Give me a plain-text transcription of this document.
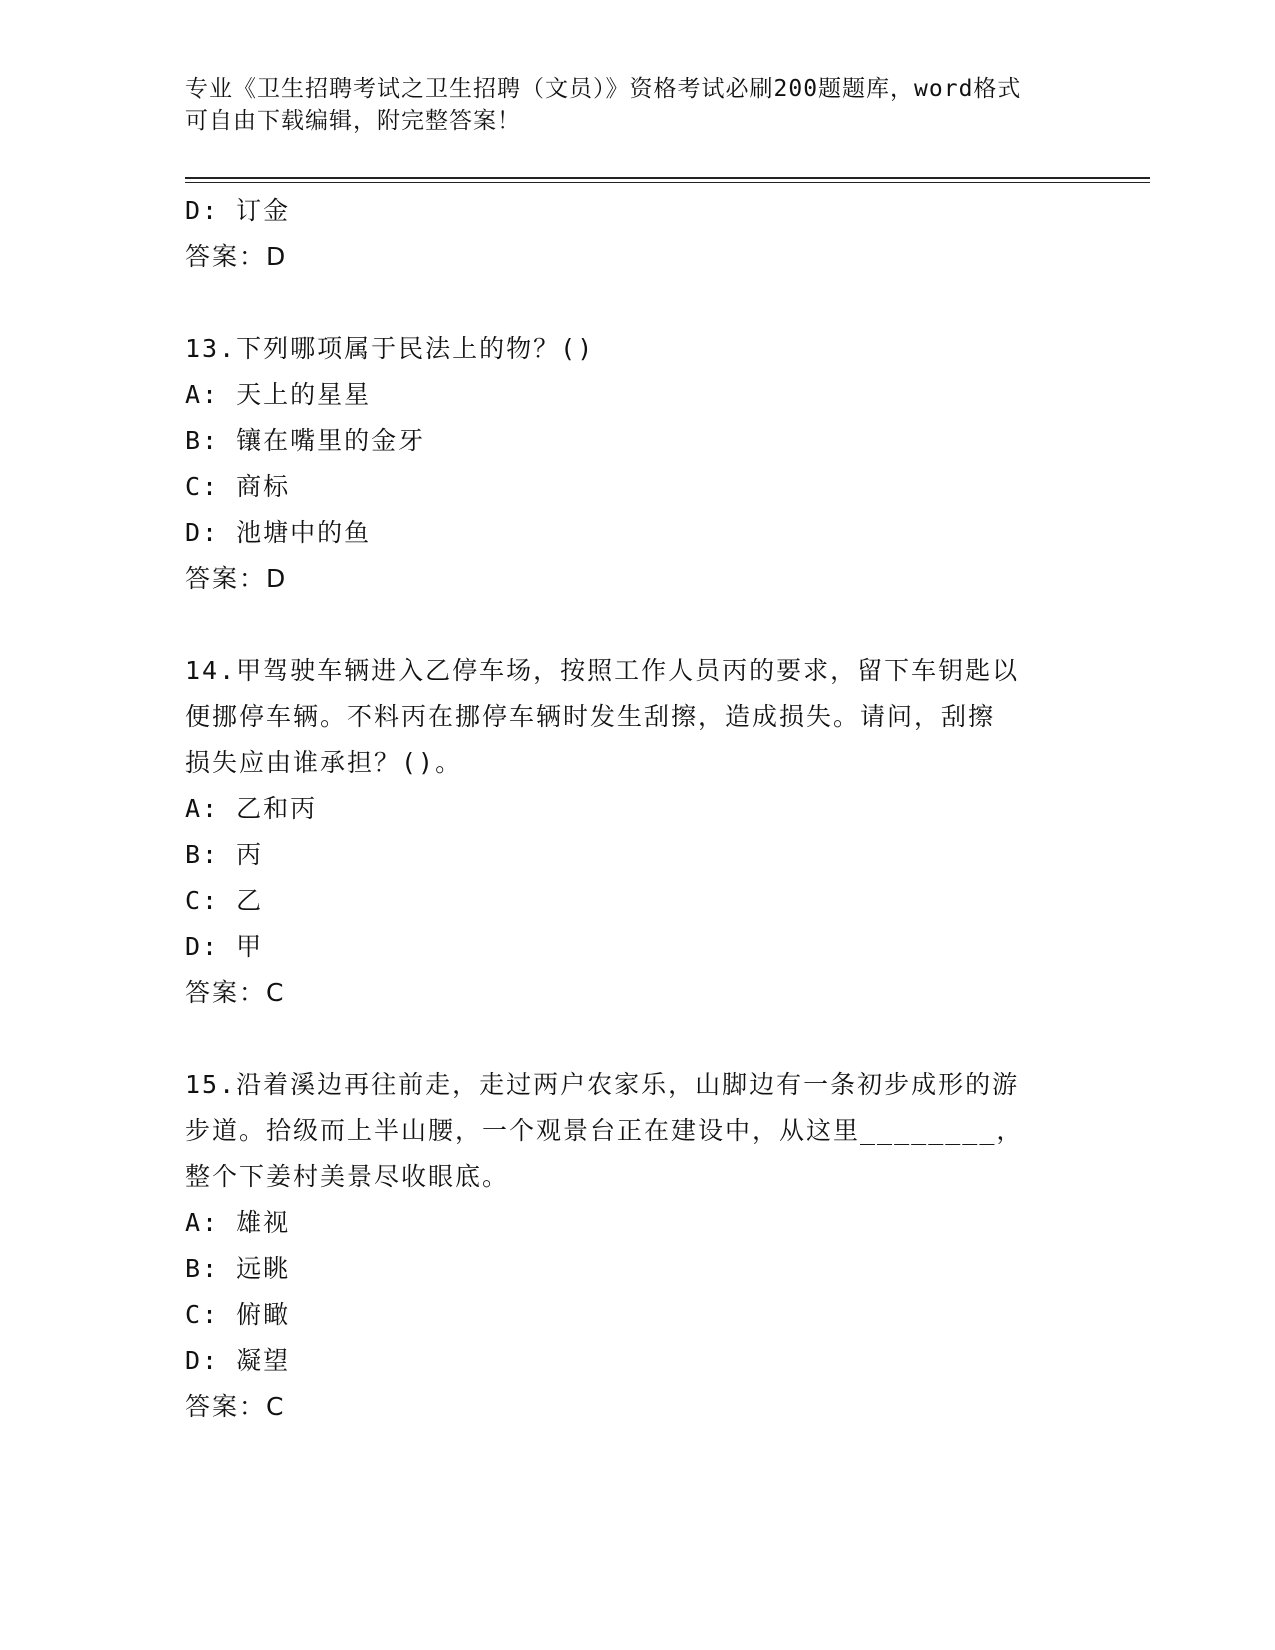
专业《卫生招聘考试之卫生招聘（文员）》资格考试必刷200题题库，word格式
可自由下载编辑，附完整答案！
D: 订金
答案：D
13.下列哪项属于民法上的物？()
A: 天上的星星
B: 镶在嘴里的金牙
C: 商标
D: 池塘中的鱼
答案：D
14.甲驾驶车辆进入乙停车场，按照工作人员丙的要求，留下车钥匙以
便挪停车辆。不料丙在挪停车辆时发生刮擦，造成损失。请问，刮擦
损失应由谁承担？()。
A: 乙和丙
B: 丙
C: 乙
D: 甲
答案：C
15.沿着溪边再往前走，走过两户农家乐，山脚边有一条初步成形的游
步道。拾级而上半山腰，一个观景台正在建设中，从这里________，
整个下姜村美景尽收眼底。
A: 雄视
B: 远眺
C: 俯瞰
D: 凝望
答案：C
